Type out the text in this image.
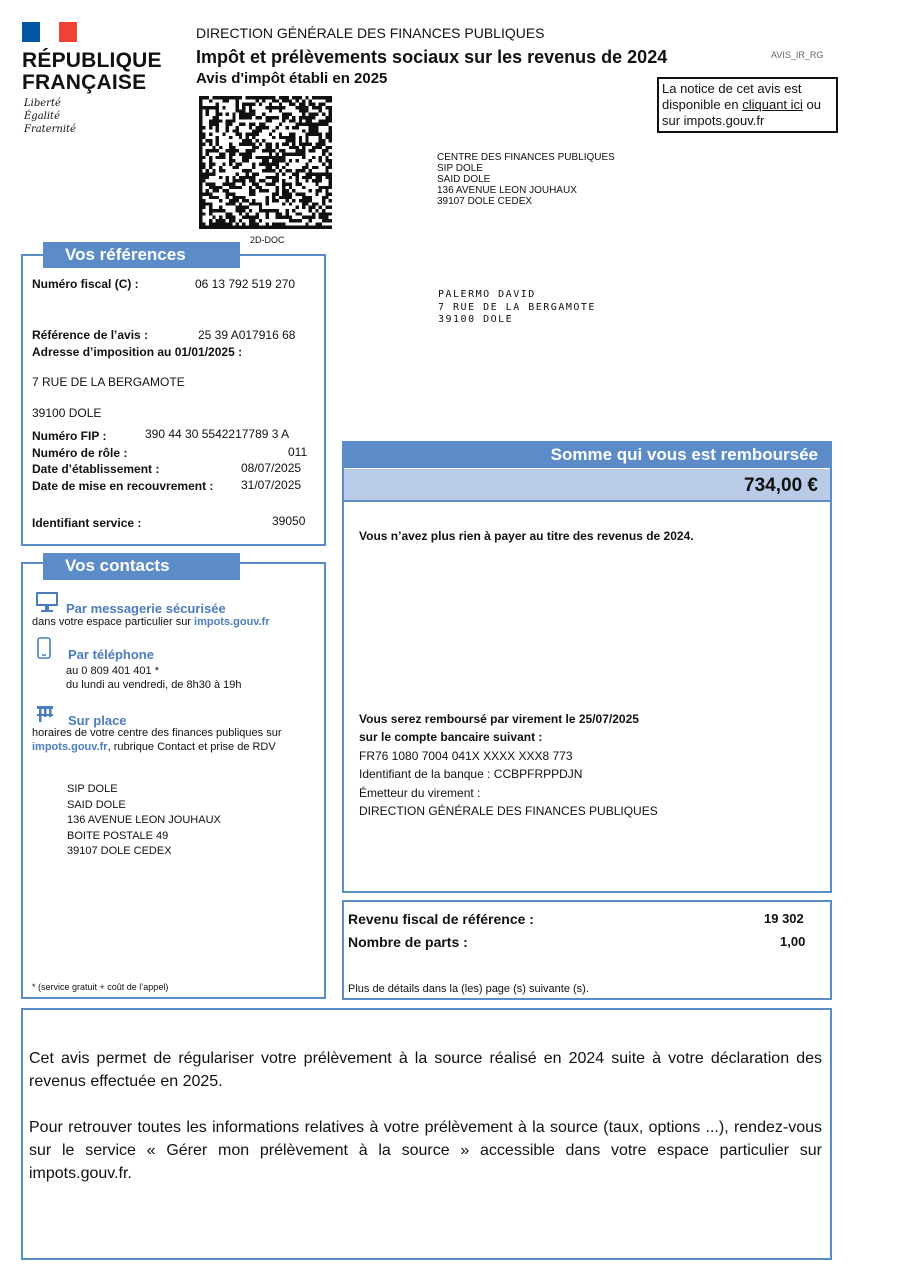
RÉPUBLIQUE
FRANÇAISE
Liberté
Égalité
Fraternité
DIRECTION GÉNÉRALE DES FINANCES PUBLIQUES
Impôt et prélèvements sociaux sur les revenus de 2024
Avis d'impôt établi en 2025
AVIS_IR_RG
La notice de cet avis est disponible en cliquant ici ou sur impots.gouv.fr
2D-DOC
CENTRE DES FINANCES PUBLIQUES
SIP DOLE
SAID DOLE
136 AVENUE LEON JOUHAUX
39107 DOLE CEDEX
PALERMO DAVID
7 RUE DE LA BERGAMOTE
39100 DOLE
Vos références
Numéro fiscal (C) :	06 13 792 519 270
Référence de l’avis :	25 39 A017916 68
Adresse d’imposition au 01/01/2025 :
7 RUE DE LA BERGAMOTE
39100 DOLE
Numéro FIP :	390 44 30 5542217789 3 A
Numéro de rôle :	011
Date d’établissement :	08/07/2025
Date de mise en recouvrement : 31/07/2025
Identifiant service :	39050
Vos contacts
Par messagerie sécurisée
dans votre espace particulier sur impots.gouv.fr
Par téléphone
au 0 809 401 401 *
du lundi au vendredi, de 8h30 à 19h
Sur place
horaires de votre centre des finances publiques sur
impots.gouv.fr, rubrique Contact et prise de RDV
SIP DOLE
SAID DOLE
136 AVENUE LEON JOUHAUX
BOITE POSTALE 49
39107 DOLE CEDEX
* (service gratuit + coût de l’appel)
Somme qui vous est remboursée
734,00 €
Vous n’avez plus rien à payer au titre des revenus de 2024.
Vous serez remboursé par virement le 25/07/2025
sur le compte bancaire suivant :
FR76 1080 7004 041X XXXX XXX8 773
Identifiant de la banque : CCBPFRPPDJN
Émetteur du virement :
DIRECTION GÉNÉRALE DES FINANCES PUBLIQUES
Revenu fiscal de référence :	19 302
Nombre de parts :	1,00
Plus de détails dans la (les) page (s) suivante (s).
Cet avis permet de régulariser votre prélèvement à la source réalisé en 2024 suite à votre déclaration des revenus effectuée en 2025.
Pour retrouver toutes les informations relatives à votre prélèvement à la source (taux, options ...), rendez-vous sur le service « Gérer mon prélèvement à la source » accessible dans votre espace particulier sur impots.gouv.fr.
